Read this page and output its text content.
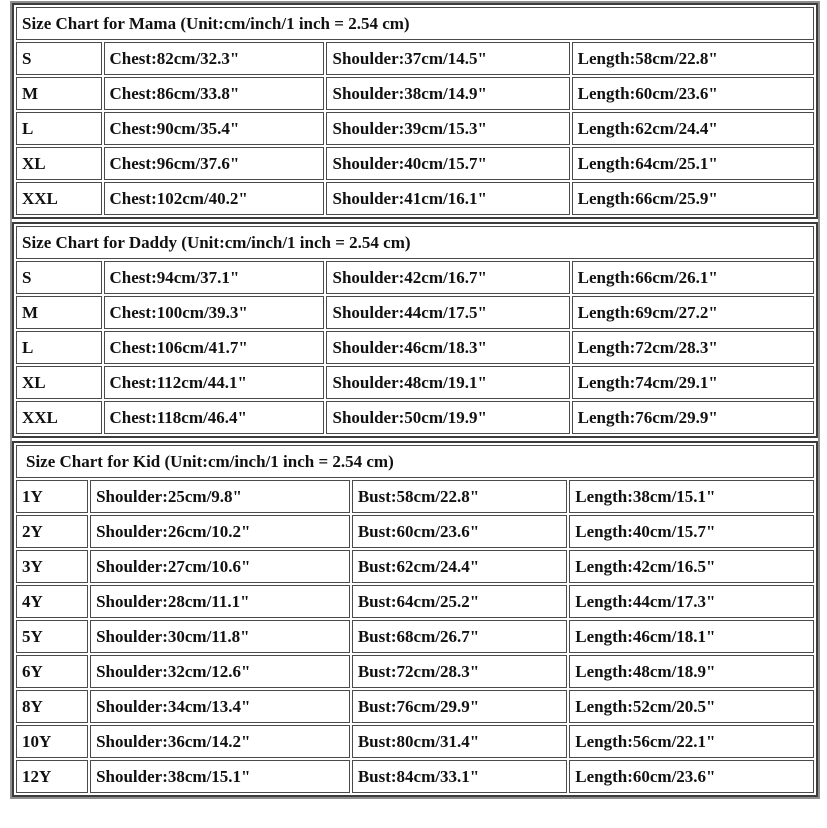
Size Chart for Mama (Unit:cm/inch/1 inch = 2.54 cm)			
S	Chest:82cm/32.3"	Shoulder:37cm/14.5"	Length:58cm/22.8"
M	Chest:86cm/33.8"	Shoulder:38cm/14.9"	Length:60cm/23.6"
L	Chest:90cm/35.4"	Shoulder:39cm/15.3"	Length:62cm/24.4"
XL	Chest:96cm/37.6"	Shoulder:40cm/15.7"	Length:64cm/25.1"
XXL	Chest:102cm/40.2"	Shoulder:41cm/16.1"	Length:66cm/25.9"
Size Chart for Daddy (Unit:cm/inch/1 inch = 2.54 cm)			
S	Chest:94cm/37.1"	Shoulder:42cm/16.7"	Length:66cm/26.1"
M	Chest:100cm/39.3"	Shoulder:44cm/17.5"	Length:69cm/27.2"
L	Chest:106cm/41.7"	Shoulder:46cm/18.3"	Length:72cm/28.3"
XL	Chest:112cm/44.1"	Shoulder:48cm/19.1"	Length:74cm/29.1"
XXL	Chest:118cm/46.4"	Shoulder:50cm/19.9"	Length:76cm/29.9"
Size Chart for Kid (Unit:cm/inch/1 inch = 2.54 cm)			
1Y	Shoulder:25cm/9.8"	Bust:58cm/22.8"	Length:38cm/15.1"
2Y	Shoulder:26cm/10.2"	Bust:60cm/23.6"	Length:40cm/15.7"
3Y	Shoulder:27cm/10.6"	Bust:62cm/24.4"	Length:42cm/16.5"
4Y	Shoulder:28cm/11.1"	Bust:64cm/25.2"	Length:44cm/17.3"
5Y	Shoulder:30cm/11.8"	Bust:68cm/26.7"	Length:46cm/18.1"
6Y	Shoulder:32cm/12.6"	Bust:72cm/28.3"	Length:48cm/18.9"
8Y	Shoulder:34cm/13.4"	Bust:76cm/29.9"	Length:52cm/20.5"
10Y	Shoulder:36cm/14.2"	Bust:80cm/31.4"	Length:56cm/22.1"
12Y	Shoulder:38cm/15.1"	Bust:84cm/33.1"	Length:60cm/23.6"
